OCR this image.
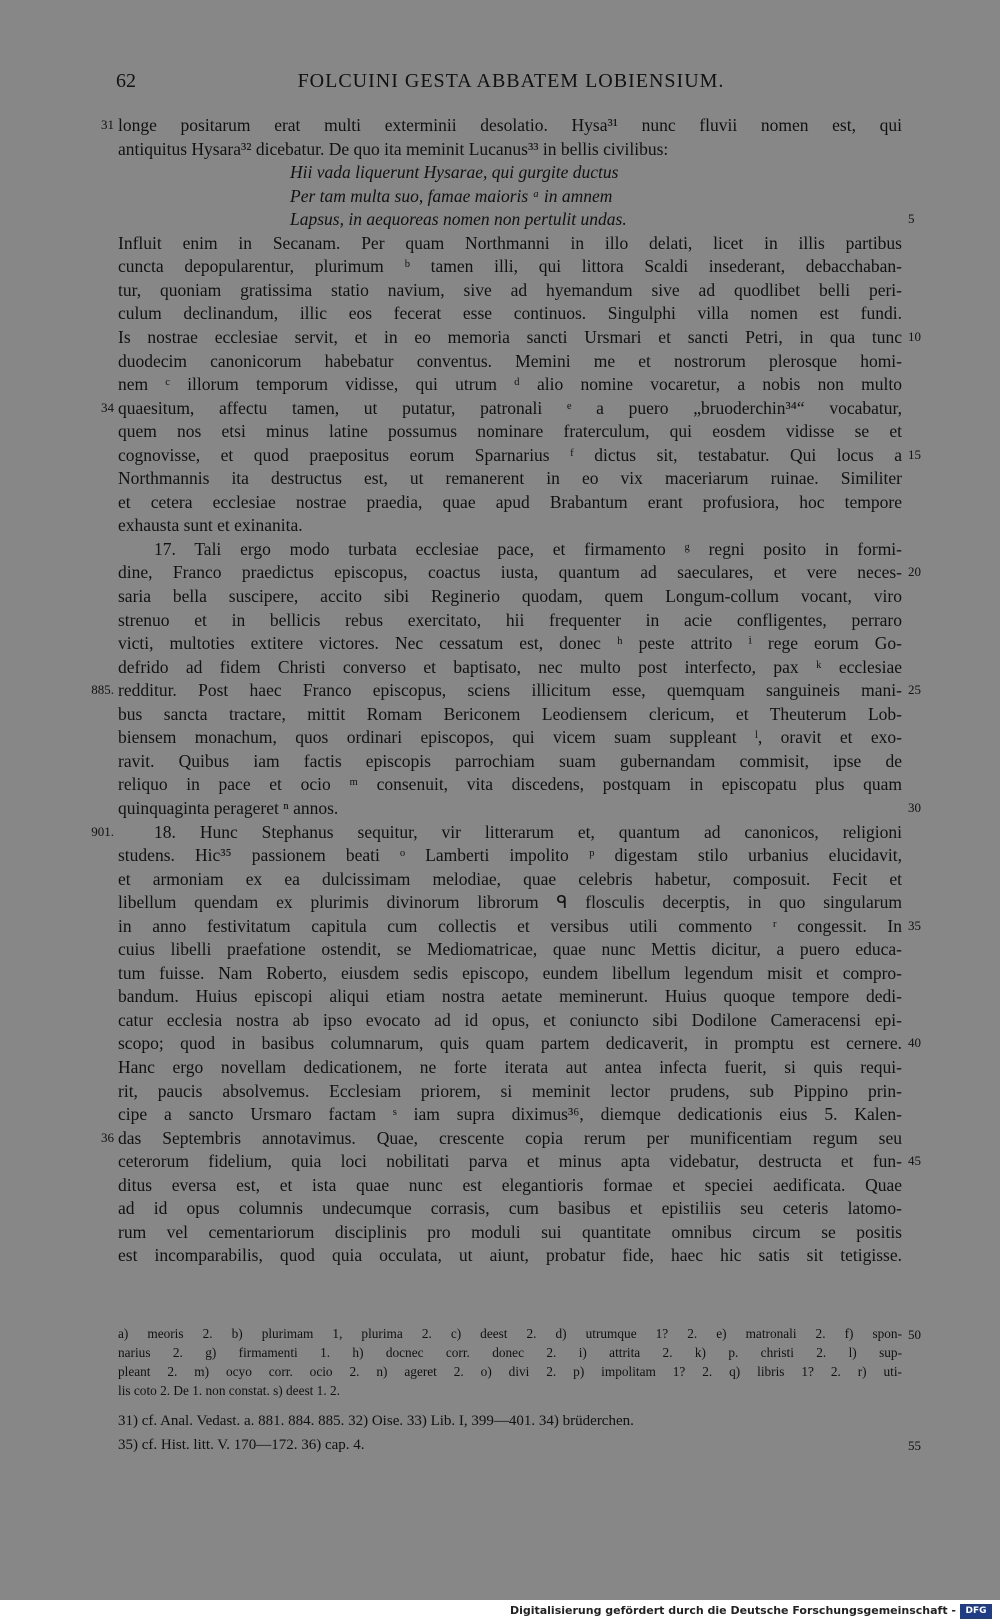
62	FOLCUINI GESTA ABBATEM LOBIENSIUM.
longe positarum erat multi exterminii desolatio. Hysa³¹ nunc fluvii nomen est, qui
31
antiquitus Hysara³² dicebatur. De quo ita meminit Lucanus³³ in bellis civilibus:
Hii vada liquerunt Hysarae, qui gurgite ductus
Per tam multa suo, famae maioris ᵃ in amnem
Lapsus, in aequoreas nomen non pertulit undas.	5
Influit enim in Secanam. Per quam Northmanni in illo delati, licet in illis partibus
cuncta depopularentur, plurimum ᵇ tamen illi, qui littora Scaldi insederant, debacchaban-
tur, quoniam gratissima statio navium, sive ad hyemandum sive ad quodlibet belli peri-
culum declinandum, illic eos fecerat esse continuos. Singulphi villa nomen est fundi.
Is nostrae ecclesiae servit, et in eo memoria sancti Ursmari et sancti Petri, in qua tunc 10
duodecim canonicorum habebatur conventus. Memini me et nostrorum plerosque homi-
nem ᶜ illorum temporum vidisse, qui utrum ᵈ alio nomine vocaretur, a nobis non multo
quaesitum, affectu tamen, ut putatur, patronali ᵉ a puero „bruoderchin³⁴“ vocabatur,
34
quem nos etsi minus latine possumus nominare fraterculum, qui eosdem vidisse se et
cognovisse, et quod praepositus eorum Sparnarius ᶠ dictus sit, testabatur. Qui locus a 15
Northmannis ita destructus est, ut remanerent in eo vix maceriarum ruinae. Similiter
et cetera ecclesiae nostrae praedia, quae apud Brabantum erant profusiora, hoc tempore
exhausta sunt et exinanita.
17. Tali ergo modo turbata ecclesiae pace, et firmamento ᵍ regni posito in formi-
dine, Franco praedictus episcopus, coactus iusta, quantum ad saeculares, et vere neces- 20
saria bella suscipere, accito sibi Reginerio quodam, quem Longum-collum vocant, viro
strenuo et in bellicis rebus exercitato, hii frequenter in acie confligentes, perraro
victi, multoties extitere victores. Nec cessatum est, donec ʰ peste attrito ⁱ rege eorum Go-
defrido ad fidem Christi converso et baptisato, nec multo post interfecto, pax ᵏ ecclesiae
redditur. Post haec Franco episcopus, sciens illicitum esse, quemquam sanguineis mani-
885.	25
bus sancta tractare, mittit Romam Bericonem Leodiensem clericum, et Theuterum Lob-
biensem monachum, quos ordinari episcopos, qui vicem suam suppleant ˡ, oravit et exo-
ravit. Quibus iam factis episcopis parrochiam suam gubernandam commisit, ipse de
reliquo in pace et ocio ᵐ consenuit, vita discedens, postquam in episcopatu plus quam
quinquaginta perageret ⁿ annos.	30
18. Hunc Stephanus sequitur, vir litterarum et, quantum ad canonicos, religioni
901.
studens. Hic³⁵ passionem beati ᵒ Lamberti impolito ᵖ digestam stilo urbanius elucidavit,
et armoniam ex ea dulcissimam melodiae, quae celebris habetur, composuit. Fecit et
libellum quendam ex plurimis divinorum librorum ᑫ flosculis decerptis, in quo singularum
in anno festivitatum capitula cum collectis et versibus utili commento ʳ congessit. In 35
cuius libelli praefatione ostendit, se Mediomatricae, quae nunc Mettis dicitur, a puero educa-
tum fuisse. Nam Roberto, eiusdem sedis episcopo, eundem libellum legendum misit et compro-
bandum. Huius episcopi aliqui etiam nostra aetate meminerunt. Huius quoque tempore dedi-
catur ecclesia nostra ab ipso evocato ad id opus, et coniuncto sibi Dodilone Cameracensi epi-
scopo; quod in basibus columnarum, quis quam partem dedicaverit, in promptu est cernere. 40
Hanc ergo novellam dedicationem, ne forte iterata aut antea infecta fuerit, si quis requi-
rit, paucis absolvemus. Ecclesiam priorem, si meminit lector prudens, sub Pippino prin-
cipe a sancto Ursmaro factam ˢ iam supra diximus³⁶, diemque dedicationis eius 5. Kalen-
das Septembris annotavimus. Quae, crescente copia rerum per munificentiam regum seu
36
ceterorum fidelium, quia loci nobilitati parva et minus apta videbatur, destructa et fun- 45
ditus eversa est, et ista quae nunc est elegantioris formae et speciei aedificata. Quae
ad id opus columnis undecumque corrasis, cum basibus et epistiliis seu ceteris latomo-
rum vel cementariorum disciplinis pro moduli sui quantitate omnibus circum se positis
est incomparabilis, quod quia occulata, ut aiunt, probatur fide, haec hic satis sit tetigisse.
a) meoris 2. b) plurimam 1, plurima 2. c) deest 2. d) utrumque 1? 2. e) matronali 2. f) spon- 50
narius 2. g) firmamenti 1. h) docnec corr. donec 2. i) attrita 2. k) p. christi 2. l) sup-
pleant 2. m) ocyo corr. ocio 2. n) ageret 2. o) divi 2. p) impolitam 1? 2. q) libris 1? 2. r) uti-
lis coto 2. De 1. non constat. s) deest 1. 2.
31) cf. Anal. Vedast. a. 881. 884. 885. 32) Oise. 33) Lib. I, 399—401. 34) brüderchen.
35) cf. Hist. litt. V. 170—172. 36) cap. 4.	55
Digitalisierung gefördert durch die Deutsche Forschungsgemeinschaft -	DFG
